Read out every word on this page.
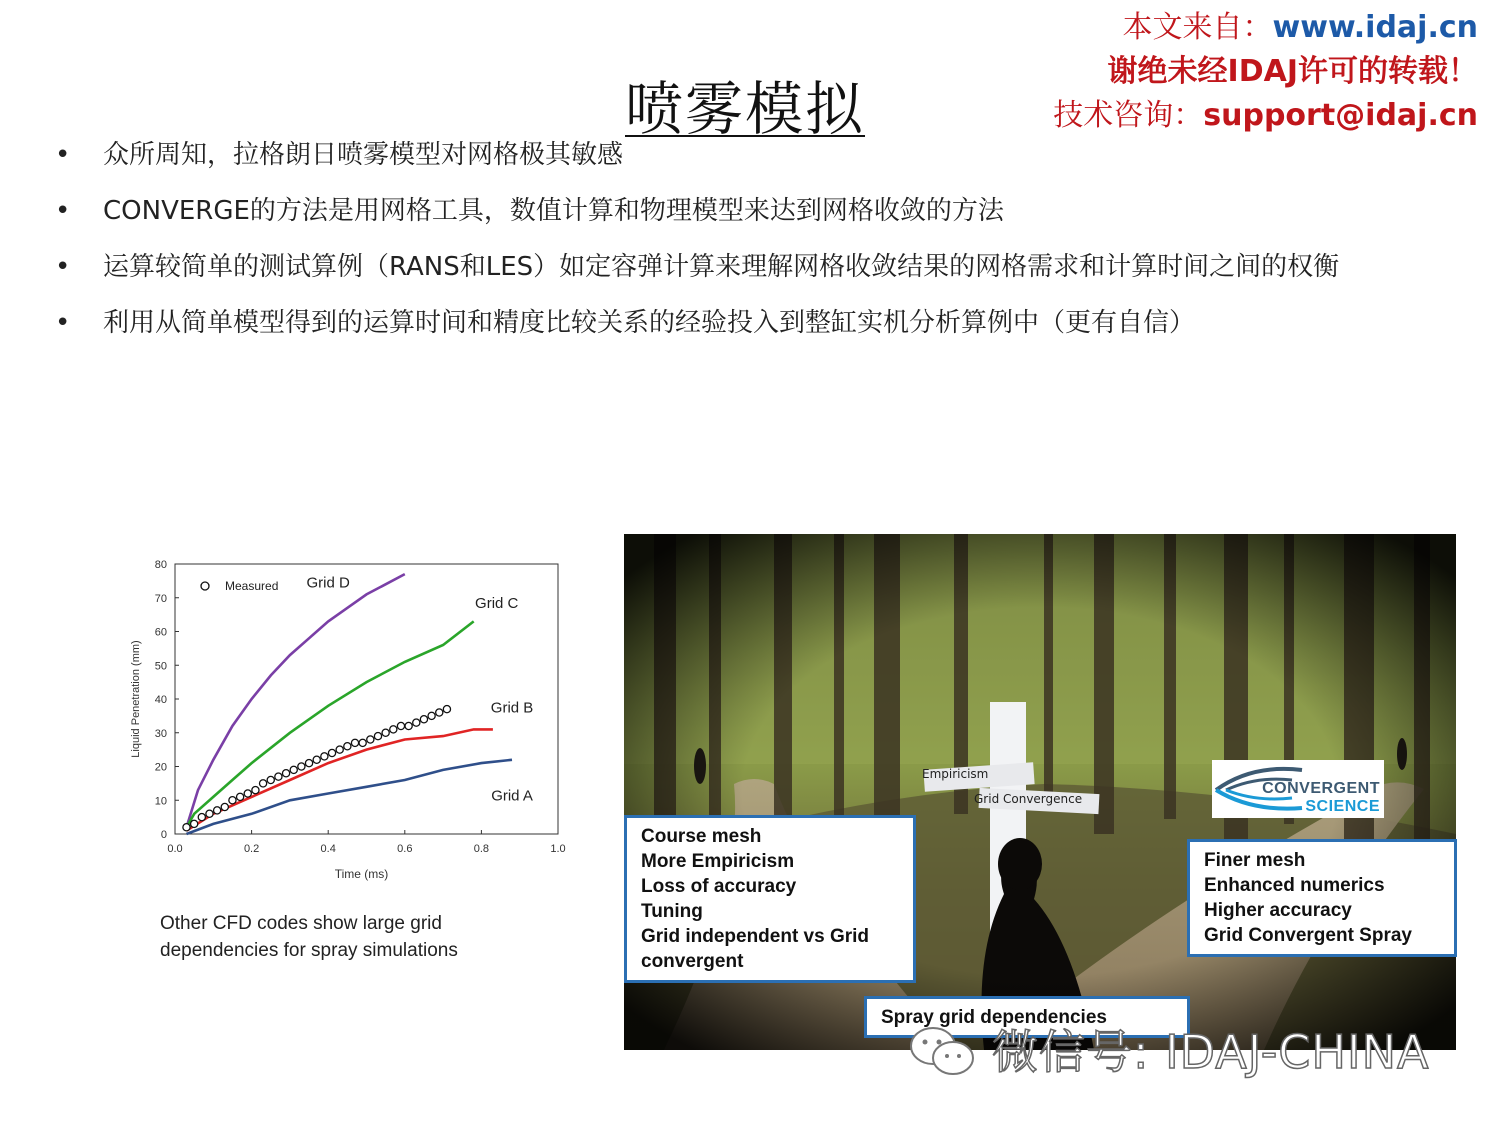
喷雾模拟
本文来自：www.idaj.cn
谢绝未经IDAJ许可的转载！
技术咨询：support@idaj.cn
• 众所周知，拉格朗日喷雾模型对网格极其敏感
• CONVERGE的方法是用网格工具，数值计算和物理模型来达到网格收敛的方法
• 运算较简单的测试算例（RANS和LES）如定容弹计算来理解网格收敛结果的网格需求和计算时间之间的权衡
• 利用从简单模型得到的运算时间和精度比较关系的经验投入到整缸实机分析算例中（更有自信）
0.0	0.2	0.4	0.6	0.8	1.0
0
10
20
30
40
50
60
70
80
Time (ms)
Liquid Penetration (mm)
Grid D
Grid C
Grid B
Grid A
Measured
Other CFD codes show large grid dependencies for spray simulations
Empiricism
Grid Convergence
CONVERGENT
SCIENCE
Course mesh
More Empiricism
Loss of accuracy
Tuning
Grid independent vs Grid
convergent
Finer mesh
Enhanced numerics
Higher accuracy
Grid Convergent Spray
Spray grid dependencies
微信号: IDAJ-CHINA
